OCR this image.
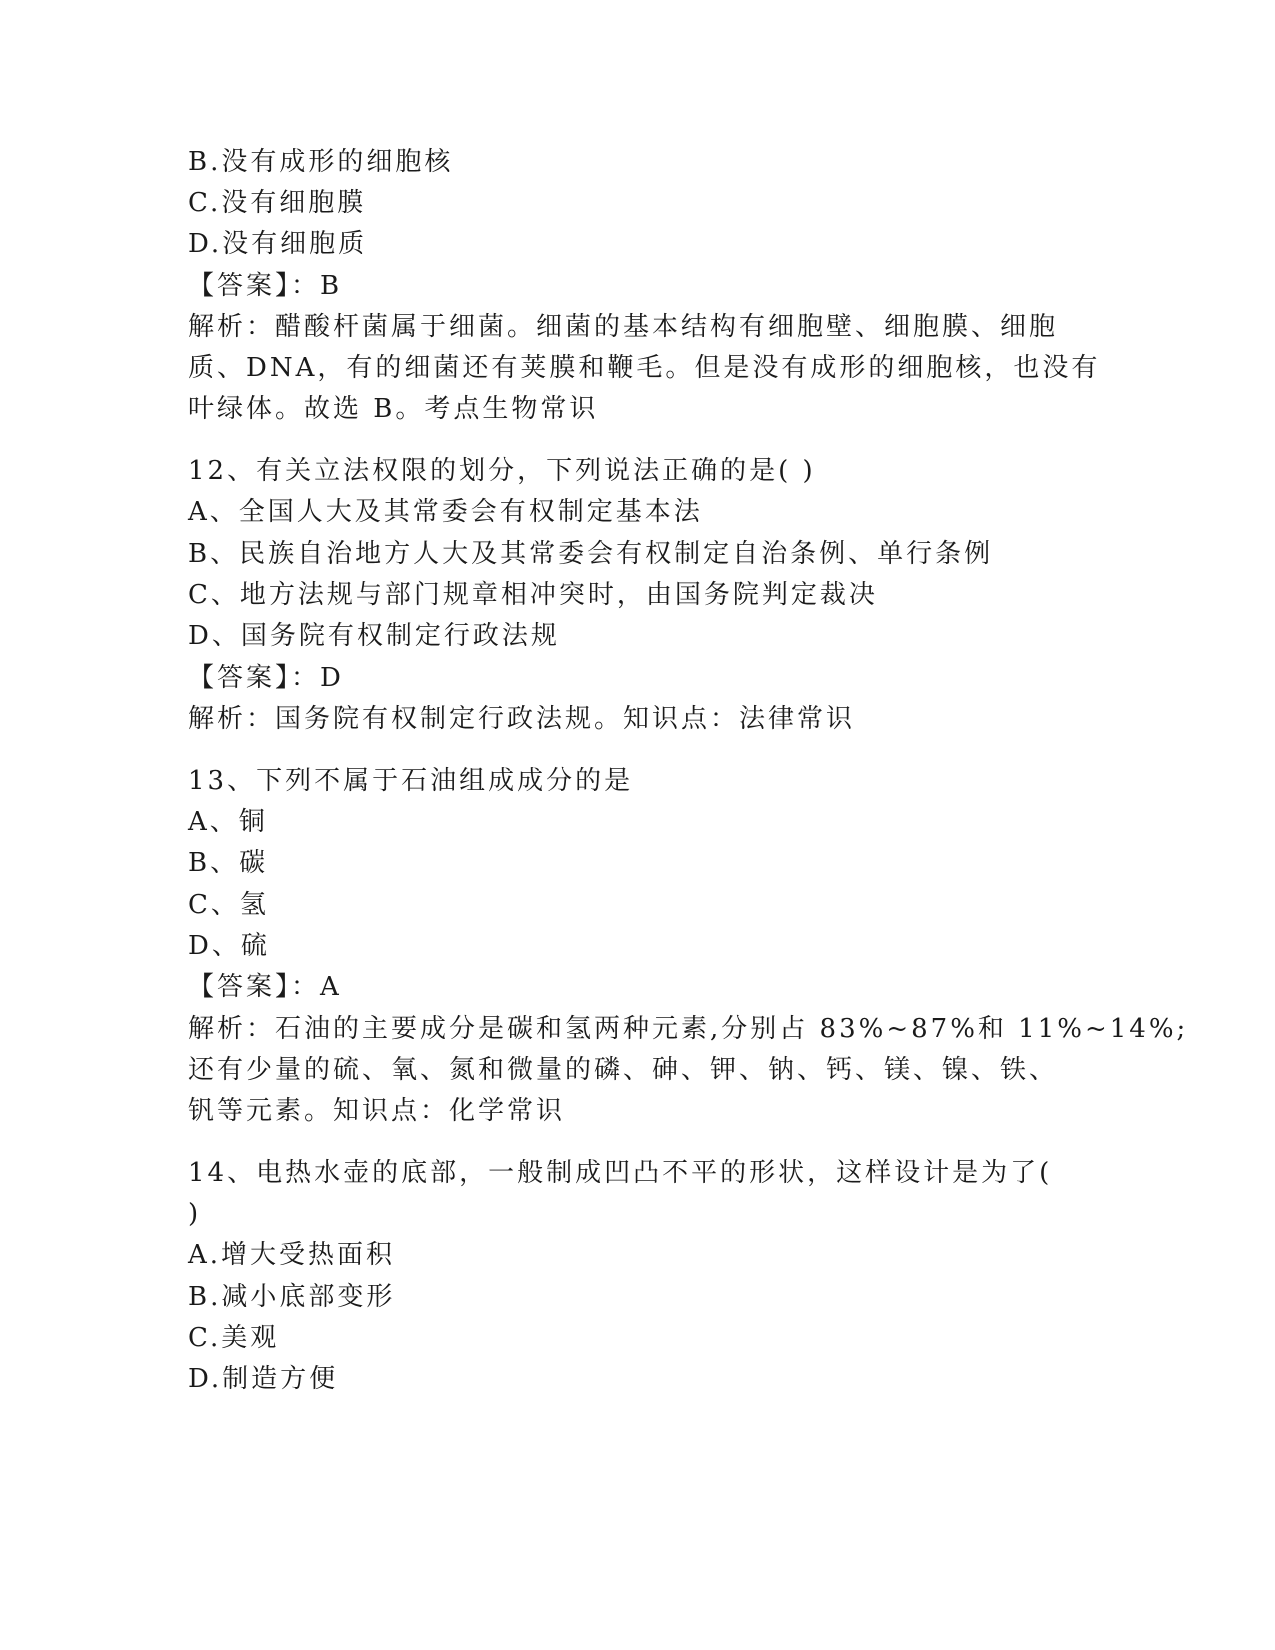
B.没有成形的细胞核

C.没有细胞膜

D.没有细胞质

【答案】：B

解析：醋酸杆菌属于细菌。细菌的基本结构有细胞壁、细胞膜、细胞

质、DNA，有的细菌还有荚膜和鞭毛。但是没有成形的细胞核，也没有

叶绿体。故选 B。考点生物常识

12、有关立法权限的划分，下列说法正确的是( )

A、全国人大及其常委会有权制定基本法

B、民族自治地方人大及其常委会有权制定自治条例、单行条例

C、地方法规与部门规章相冲突时，由国务院判定裁决

D、国务院有权制定行政法规

【答案】：D

解析：国务院有权制定行政法规。知识点：法律常识

13、下列不属于石油组成成分的是

A、铜

B、碳

C、氢

D、硫

【答案】：A

解析：石油的主要成分是碳和氢两种元素,分别占 83%~87%和 11%~14%;

还有少量的硫、氧、氮和微量的磷、砷、钾、钠、钙、镁、镍、铁、

钒等元素。知识点：化学常识

14、电热水壶的底部，一般制成凹凸不平的形状，这样设计是为了(

)

A.增大受热面积

B.减小底部变形

C.美观

D.制造方便
